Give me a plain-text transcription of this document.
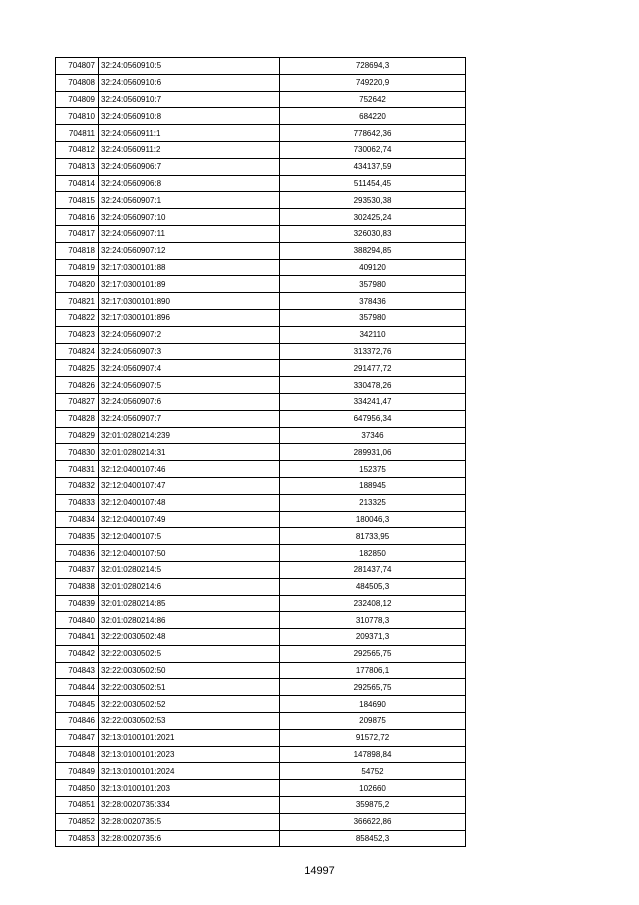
704807	32:24:0560910:5	728694,3
704808	32:24:0560910:6	749220,9
704809	32:24:0560910:7	752642
704810	32:24:0560910:8	684220
704811	32:24:0560911:1	778642,36
704812	32:24:0560911:2	730062,74
704813	32:24:0560906:7	434137,59
704814	32:24:0560906:8	511454,45
704815	32:24:0560907:1	293530,38
704816	32:24:0560907:10	302425,24
704817	32:24:0560907:11	326030,83
704818	32:24:0560907:12	388294,85
704819	32:17:0300101:88	409120
704820	32:17:0300101:89	357980
704821	32:17:0300101:890	378436
704822	32:17:0300101:896	357980
704823	32:24:0560907:2	342110
704824	32:24:0560907:3	313372,76
704825	32:24:0560907:4	291477,72
704826	32:24:0560907:5	330478,26
704827	32:24:0560907:6	334241,47
704828	32:24:0560907:7	647956,34
704829	32:01:0280214:239	37346
704830	32:01:0280214:31	289931,06
704831	32:12:0400107:46	152375
704832	32:12:0400107:47	188945
704833	32:12:0400107:48	213325
704834	32:12:0400107:49	180046,3
704835	32:12:0400107:5	81733,95
704836	32:12:0400107:50	182850
704837	32:01:0280214:5	281437,74
704838	32:01:0280214:6	484505,3
704839	32:01:0280214:85	232408,12
704840	32:01:0280214:86	310778,3
704841	32:22:0030502:48	209371,3
704842	32:22:0030502:5	292565,75
704843	32:22:0030502:50	177806,1
704844	32:22:0030502:51	292565,75
704845	32:22:0030502:52	184690
704846	32:22:0030502:53	209875
704847	32:13:0100101:2021	91572,72
704848	32:13:0100101:2023	147898,84
704849	32:13:0100101:2024	54752
704850	32:13:0100101:203	102660
704851	32:28:0020735:334	359875,2
704852	32:28:0020735:5	366622,86
704853	32:28:0020735:6	858452,3
14997
